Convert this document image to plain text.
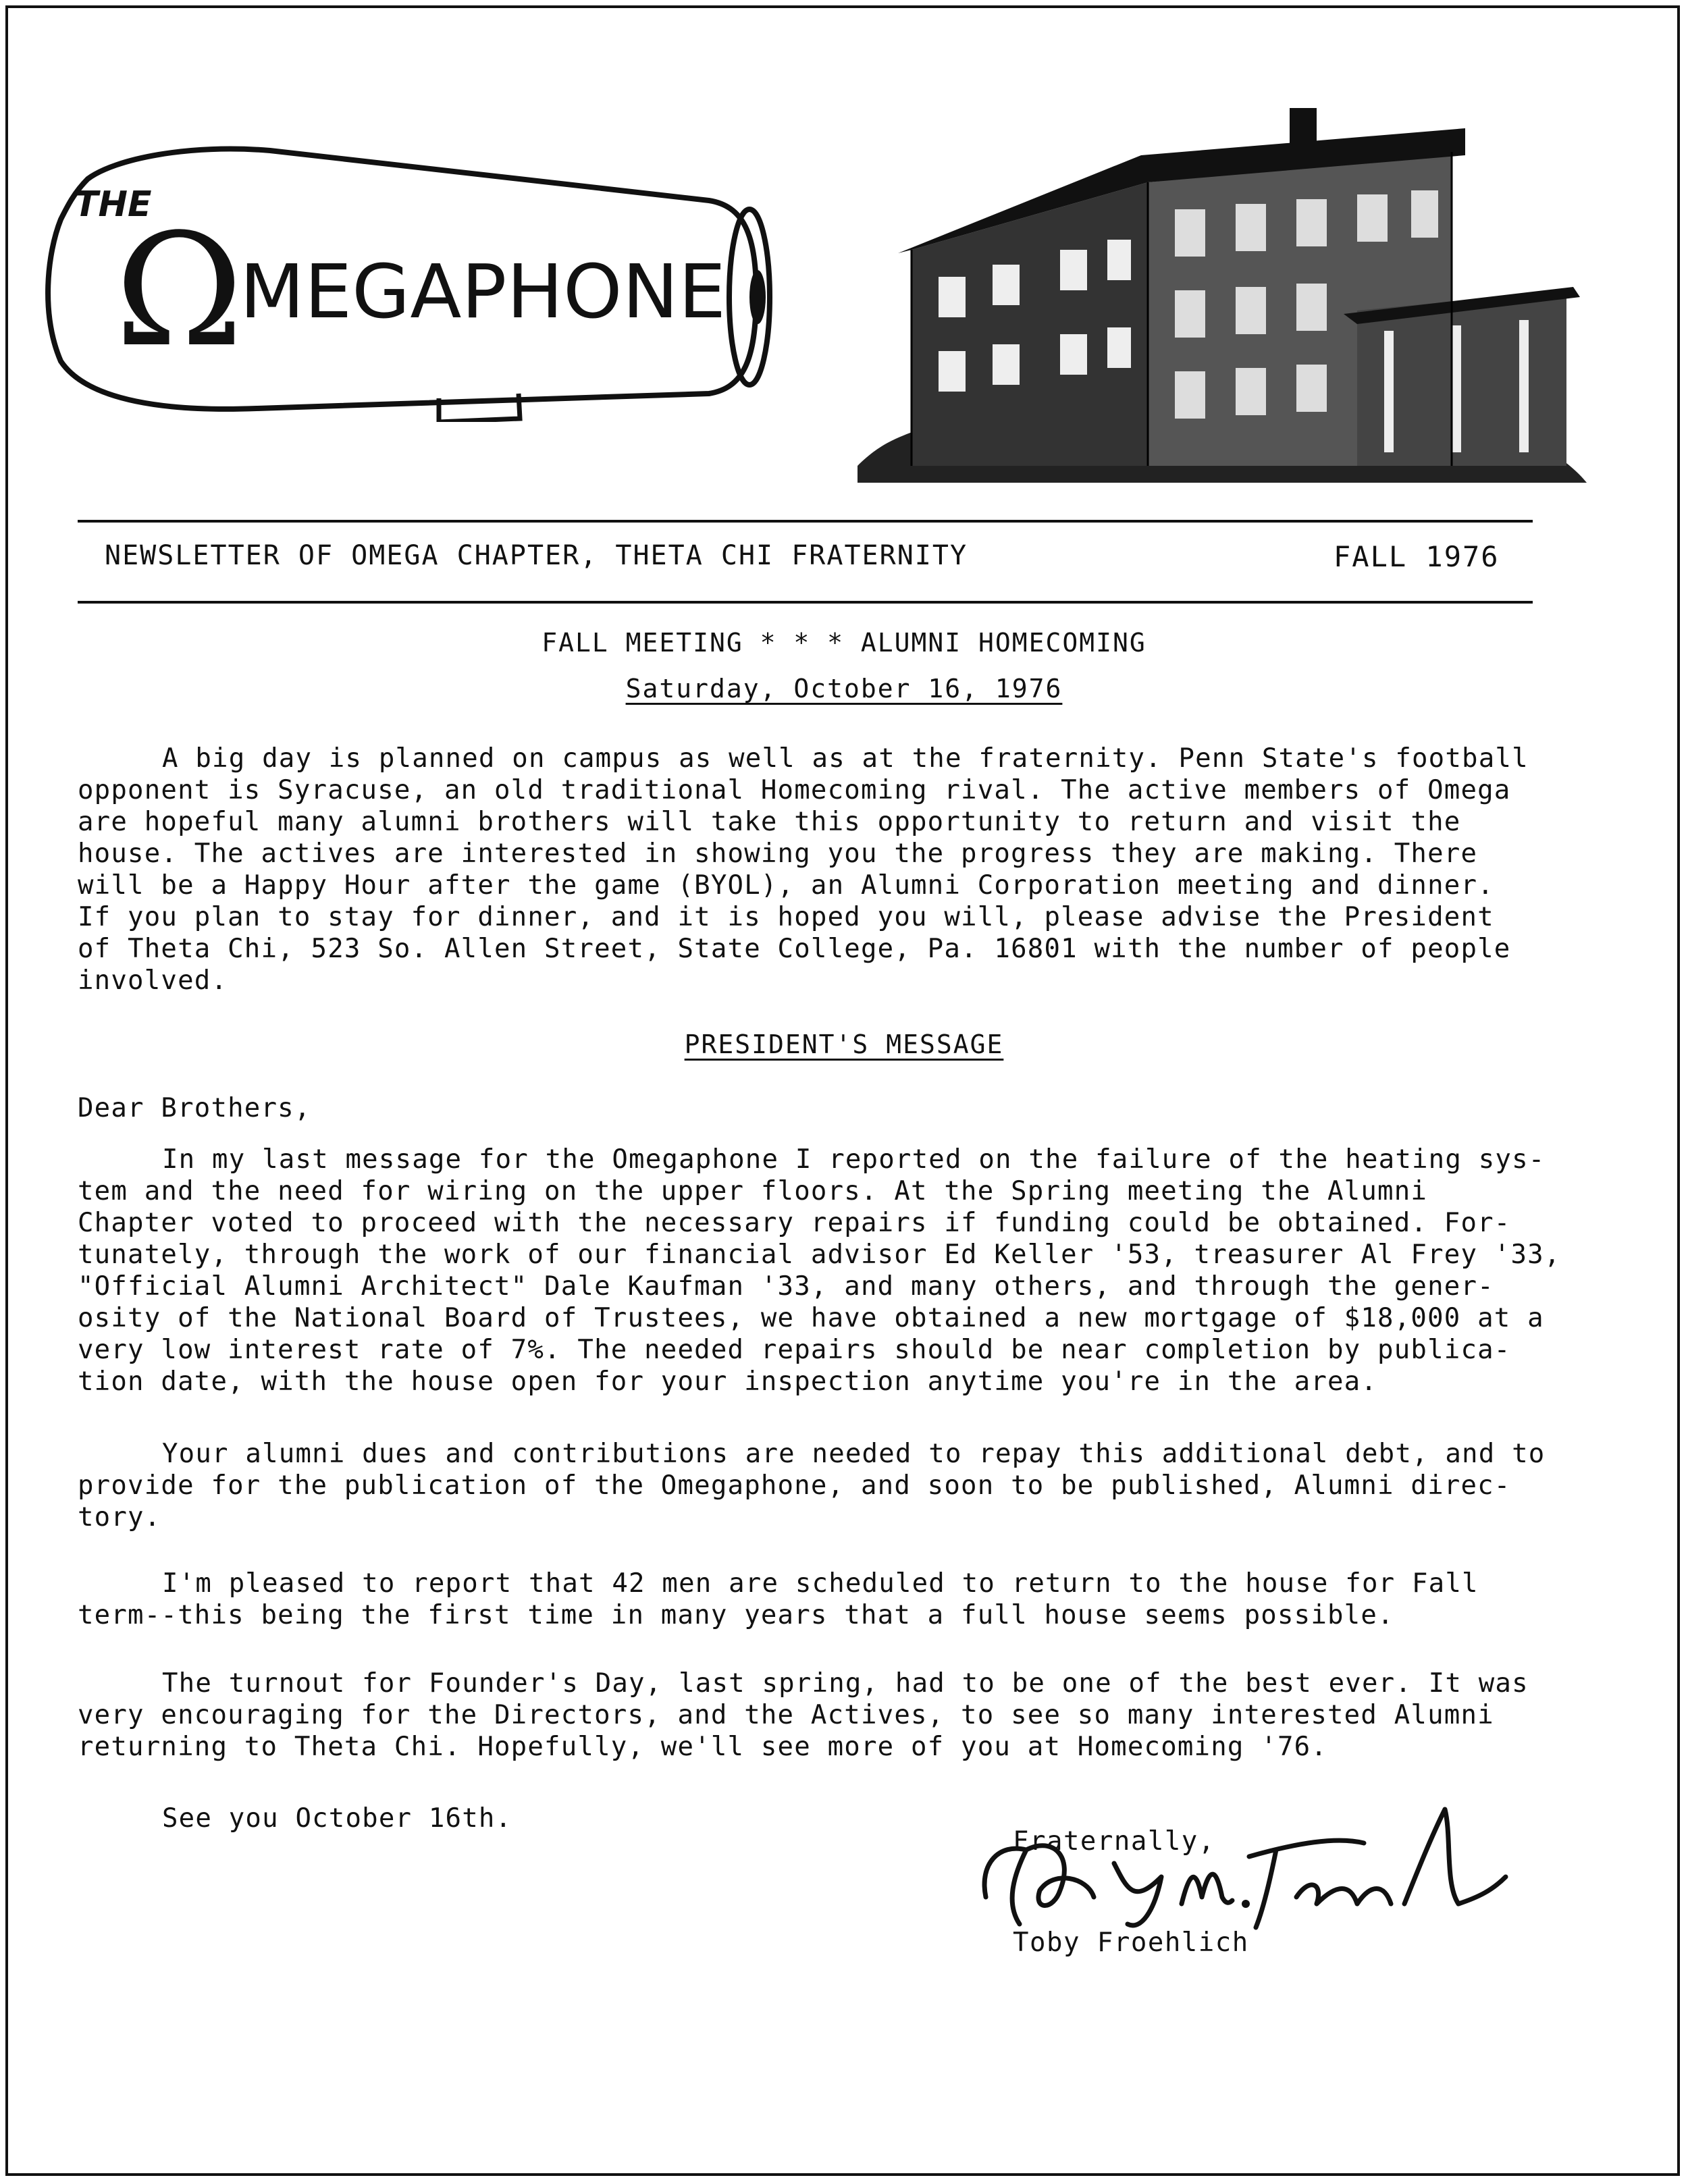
THE
Ω
MEGAPHONE
NEWSLETTER OF OMEGA CHAPTER, THETA CHI FRATERNITY	FALL 1976
FALL MEETING * * * ALUMNI HOMECOMING
Saturday, October 16, 1976
A big day is planned on campus as well as at the fraternity. Penn State's football
opponent is Syracuse, an old traditional Homecoming rival. The active members of Omega
are hopeful many alumni brothers will take this opportunity to return and visit the
house. The actives are interested in showing you the progress they are making. There
will be a Happy Hour after the game (BYOL), an Alumni Corporation meeting and dinner.
If you plan to stay for dinner, and it is hoped you will, please advise the President
of Theta Chi, 523 So. Allen Street, State College, Pa. 16801 with the number of people
involved.
PRESIDENT'S MESSAGE
Dear Brothers,
In my last message for the Omegaphone I reported on the failure of the heating sys-
tem and the need for wiring on the upper floors. At the Spring meeting the Alumni
Chapter voted to proceed with the necessary repairs if funding could be obtained. For-
tunately, through the work of our financial advisor Ed Keller '53, treasurer Al Frey '33,
"Official Alumni Architect" Dale Kaufman '33, and many others, and through the gener-
osity of the National Board of Trustees, we have obtained a new mortgage of $18,000 at a
very low interest rate of 7%. The needed repairs should be near completion by publica-
tion date, with the house open for your inspection anytime you're in the area.
Your alumni dues and contributions are needed to repay this additional debt, and to
provide for the publication of the Omegaphone, and soon to be published, Alumni direc-
tory.
I'm pleased to report that 42 men are scheduled to return to the house for Fall
term--this being the first time in many years that a full house seems possible.
The turnout for Founder's Day, last spring, had to be one of the best ever. It was
very encouraging for the Directors, and the Actives, to see so many interested Alumni
returning to Theta Chi. Hopefully, we'll see more of you at Homecoming '76.
See you October 16th.
Fraternally,
Toby Froehlich
